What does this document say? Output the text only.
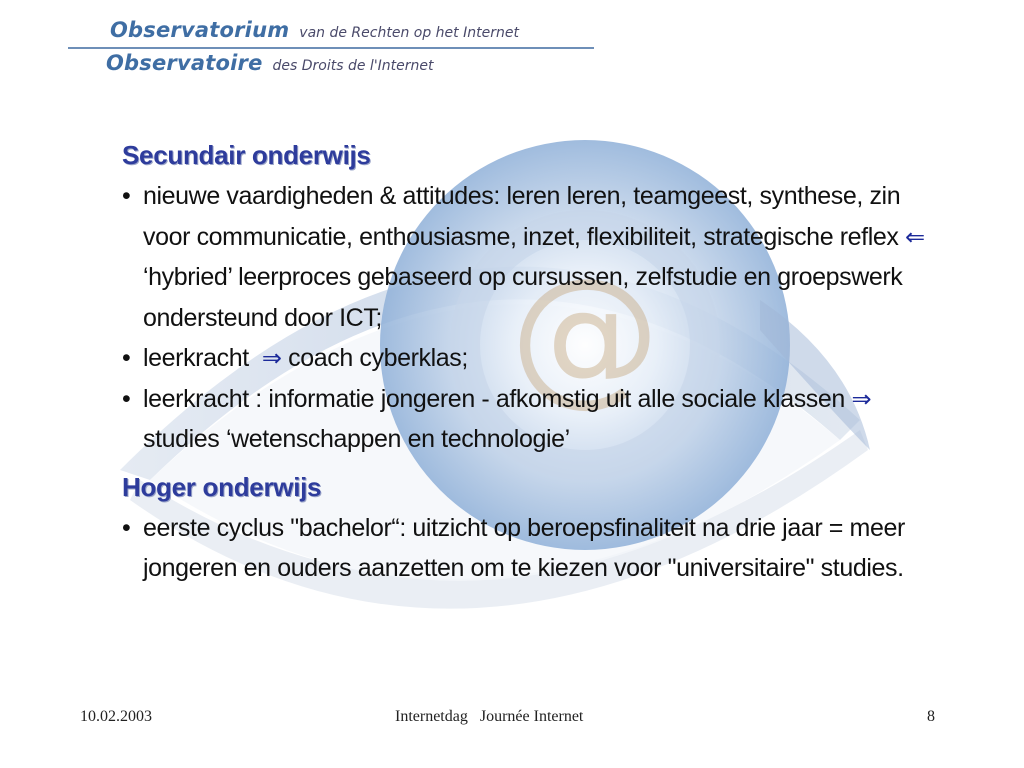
@
Observatorium van de Rechten op het Internet
Observatoire des Droits de l'Internet
Secundair onderwijs
• nieuwe vaardigheden & attitudes: leren leren, teamgeest, synthese, zin voor communicatie, enthousiasme, inzet, flexibiliteit, strategische reflex ⇐ ‘hybried’ leerproces gebaseerd op cursussen, zelfstudie en groepswerk ondersteund door ICT;
• leerkracht  ⇒ coach cyberklas;
• leerkracht : informatie jongeren - afkomstig uit alle sociale klassen ⇒ studies ‘wetenschappen en technologie’
Hoger onderwijs
• eerste cyclus "bachelor“: uitzicht op beroepsfinaliteit na drie jaar = meer jongeren en ouders aanzetten om te kiezen voor "universitaire" studies.
10.02.2003	Internetdag   Journée Internet	8
